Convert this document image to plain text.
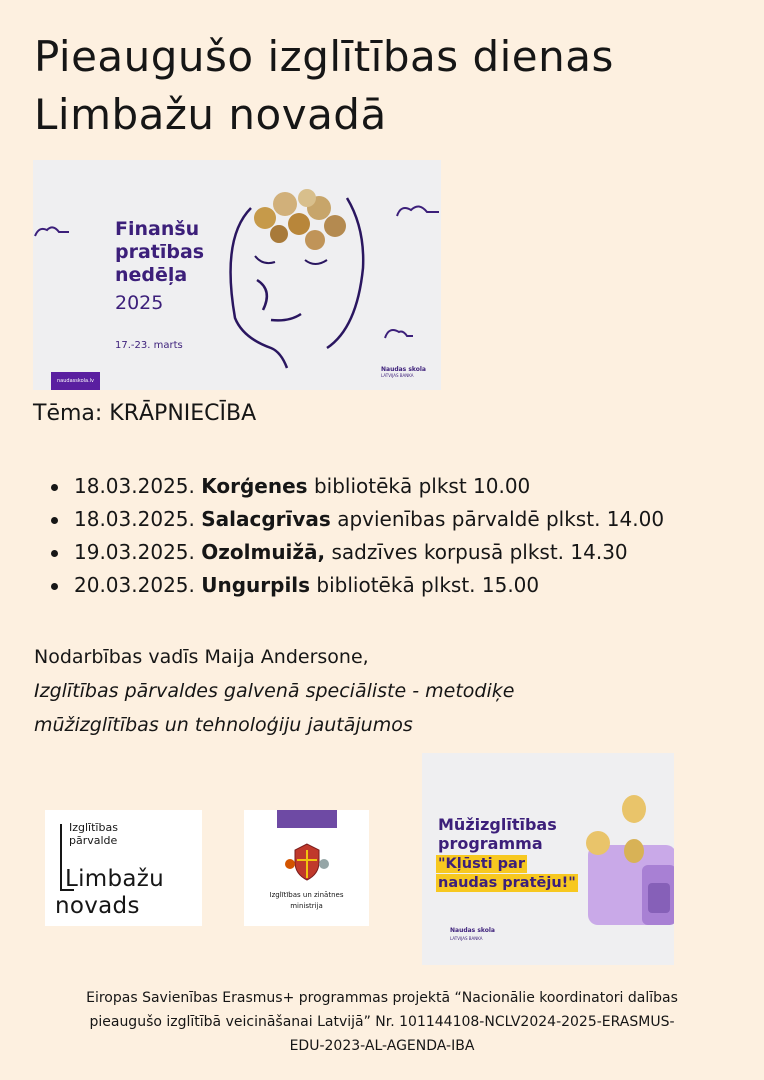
Pieaugušo izglītības dienas
Limbažu novadā
Finanšu
pratības
nedēļa
2025
17.-23. marts
naudasskola.lv
Naudas skola
LATVIJAS BANKA

Tēma: KRĀPNIECĪBA

18.03.2025. Korģenes bibliotēkā plkst 10.00
18.03.2025. Salacgrīvas apvienības pārvaldē plkst. 14.00
19.03.2025. Ozolmuižā, sadzīves korpusā plkst. 14.30
20.03.2025. Ungurpils bibliotēkā plkst. 15.00
Nodarbības vadīs Maija Andersone,
Izglītības pārvaldes galvenā speciāliste - metodiķe
mūžizglītības un tehnoloģiju jautājumos
Izglītības
pārvalde
Limbažu
novads	Izglītības un zinātnes
ministrija
Mūžizglītības
programma
"Kļūsti par
naudas pratēju!"
Naudas skola
LATVIJAS BANKA

Eiropas Savienības Erasmus+ programmas projektā “Nacionālie koordinatori dalības
pieaugušo izglītībā veicināšanai Latvijā” Nr. 101144108-NCLV2024-2025-ERASMUS-
EDU-2023-AL-AGENDA-IBA
